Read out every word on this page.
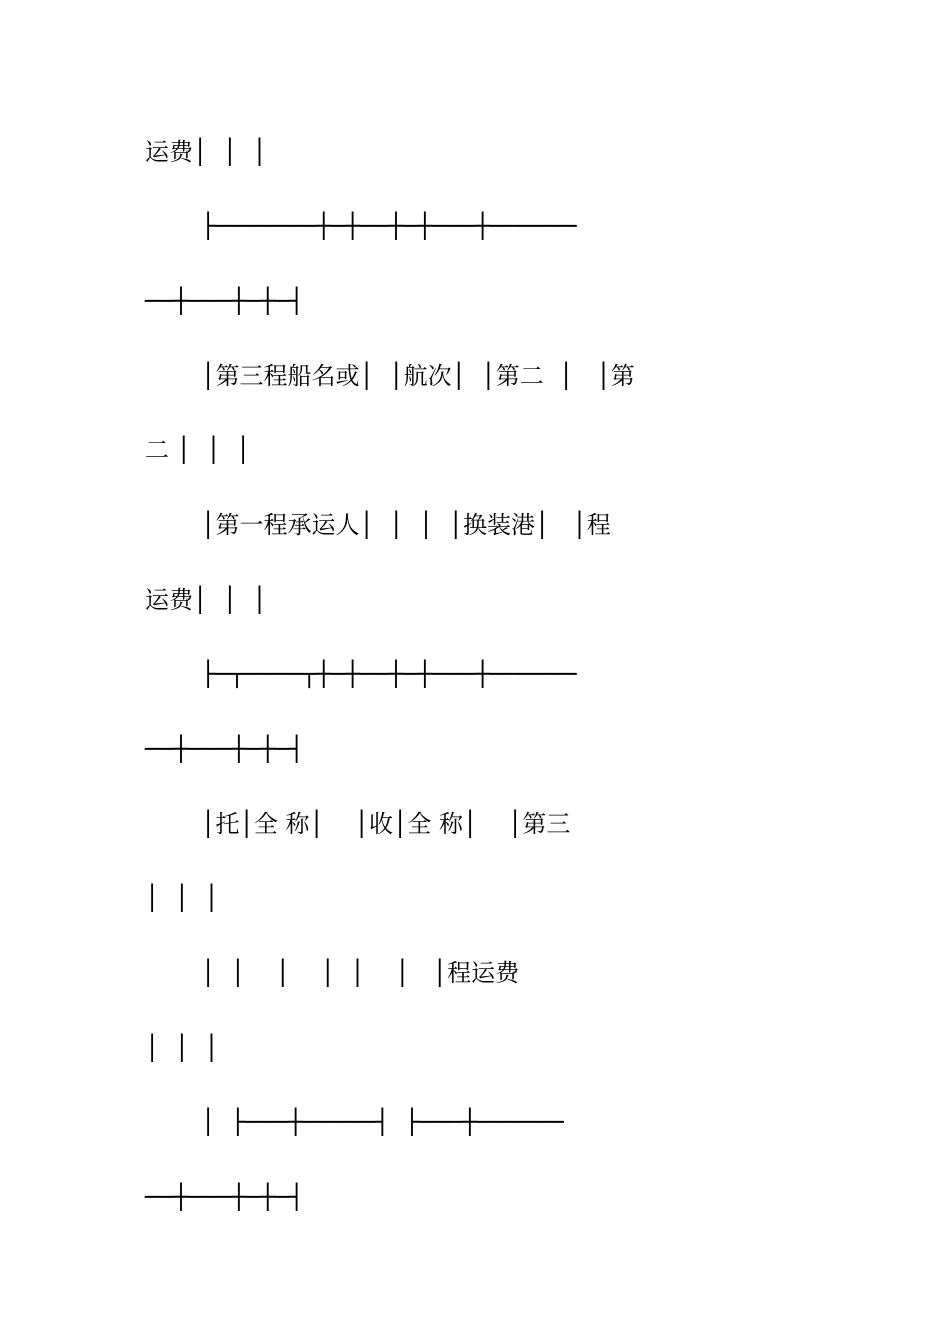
运费│  │  │
├───────┼─┼──┼─┼───┼──────
──┼───┼─┼─┤
│第三程船名或│  │航次│  │第二  │   │第
二 │  │  │
│第一程承运人│  │  │  │换装港│   │程
运费│  │  │
├─┬────┬┼─┼──┼─┼───┼──────
──┼───┼─┼─┤
│托│全 称│    │收│全 称│    │第三
│  │  │
│  │    │    │  │    │   │程运费
│  │  │
│  ├───┼─────┤  ├───┼──────
──┼───┼─┼─┤
